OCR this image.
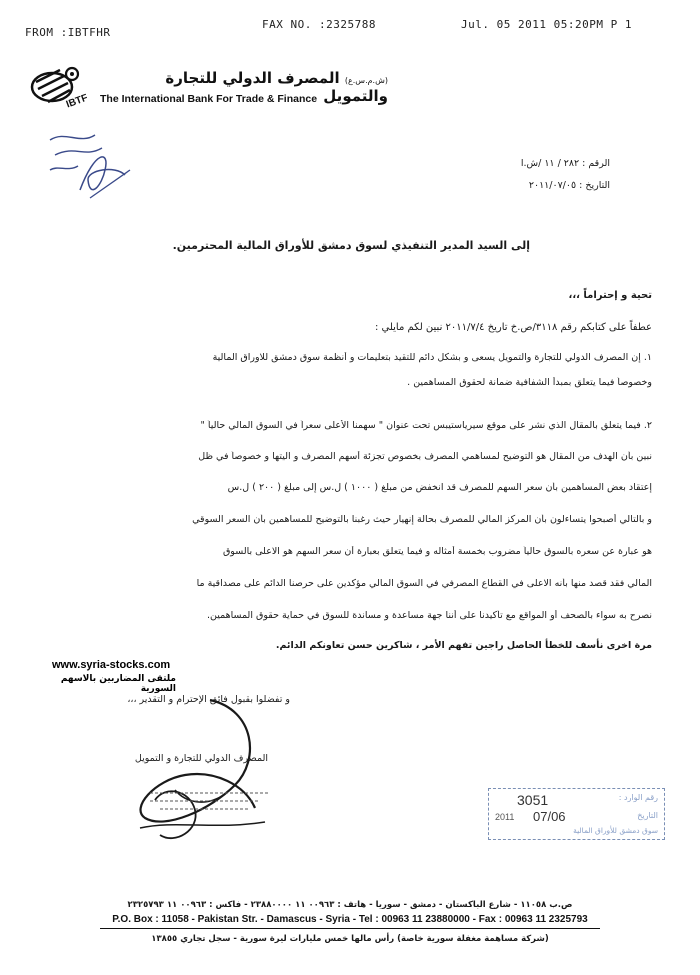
FROM :IBTFHR
FAX NO. :2325788	Jul. 05 2011 05:20PM P 1
IBTF
(ش.م.س.ع) المصرف الدولي للتجارة والتمويل
The International Bank For Trade & Finance
الرقم : ٢٨٢ / ١١ /ش.ا
التاريخ : ٢٠١١/٠٧/٠٥
إلى السيد المدير التنفيذي لسوق دمشق للأوراق المالية المحترمين.
تحية و إحتراماً ،،،
عطفاً على كتابكم رقم ٣١١٨/ص.خ تاريخ ٢٠١١/٧/٤ نبين لكم مايلي :
١. إن المصرف الدولي للتجارة والتمويل يسعى و بشكل دائم للتقيد بتعليمات و أنظمة سوق دمشق للاوراق المالية
وخصوصاً فيما يتعلق بمبدأ الشفافية ضمانة لحقوق المساهمين .
٢. فيما يتعلق بالمقال الذي نشر على موقع سيرياستيبس تحت عنوان " سهمنا الأعلى سعراً في السوق المالي حالياً "
نبين بأن الهدف من المقال هو التوضيح لمساهمي المصرف بخصوص تجزئة أسهم المصرف و آليتها و خصوصاً في ظل
إعتقاد بعض المساهمين بأن سعر السهم للمصرف قد انخفض من مبلغ ( ١٠٠٠ ) ل.س إلى مبلغ ( ٢٠٠ ) ل.س
و بالتالي أصبحوا يتساءلون بأن المركز المالي للمصرف بحالة إنهيار حيث رغبنا بالتوضيح للمساهمين بأن السعر السوقي
هو عبارة عن سعره بالسوق حالياً مضروب بخمسة أمثاله و فيما يتعلق بعبارة أن سعر السهم هو الاعلى بالسوق
المالي فقد قصد منها بأنه الاعلى في القطاع المصرفي في السوق المالي مؤكدين على حرصنا الدائم على مصداقية ما
نصرح به سواء بالصحف أو المواقع مع تأكيدنا على أننا جهة مساعدة و مساندة للسوق في حماية حقوق المساهمين.
مرة اخرى نأسف للخطأ الحاصل راجين تفهم الأمر ، شاكرين حسن تعاونكم الدائم.
www.syria-stocks.com
ملتقى المضاربين بالاسهم السورية
و تفضلوا بقبول فائق الإحترام و التقدير ،،،
المصرف الدولي للتجارة و التمويل
رقم الوارد :
3051
التاريخ
2011 07/06
سوق دمشق للأوراق المالية
ص.ب ١١٠٥٨ - شارع الباكستان - دمشق - سوريا - هاتف : ٠٠٩٦٣ ١١ ٢٣٨٨٠٠٠٠ - فاكس : ٠٠٩٦٣ ١١ ٢٣٢٥٧٩٣
P.O. Box : 11058 - Pakistan Str. - Damascus - Syria - Tel : 00963 11 23880000 - Fax : 00963 11 2325793
(شركة مساهمة مغفلة سورية خاصة) رأس مالها خمس مليارات ليرة سورية - سجل تجاري ١٣٨٥٥
